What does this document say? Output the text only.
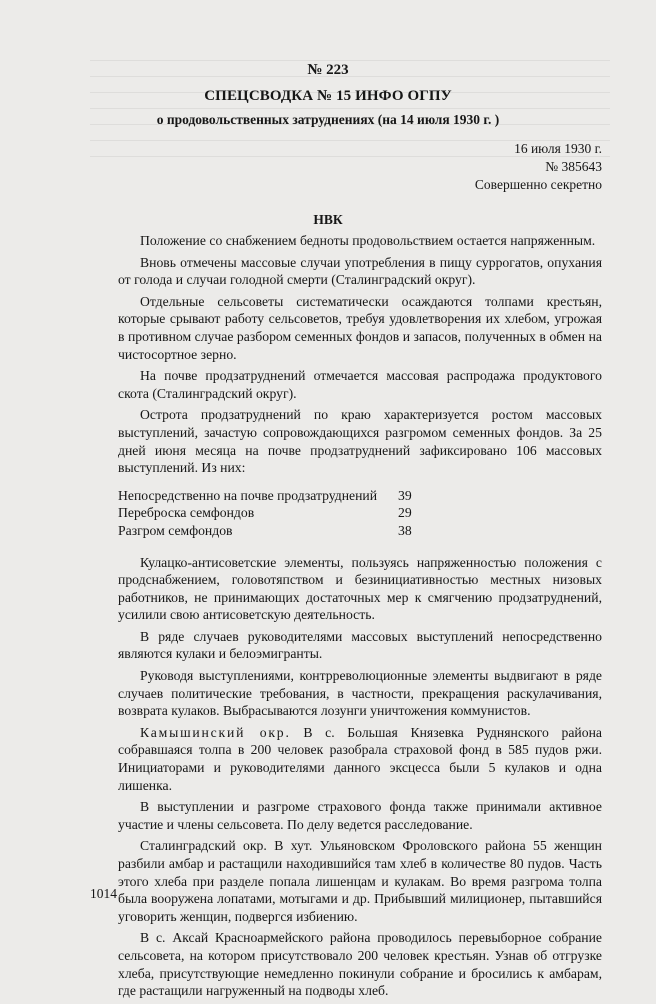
№ 223
СПЕЦСВОДКА № 15 ИНФО ОГПУ
о продовольственных затруднениях (на 14 июля 1930 г. )
16 июля 1930 г.
№ 385643
Совершенно секретно
НВК

Положение со снабжением бедноты продовольствием остается напряженным.

Вновь отмечены массовые случаи употребления в пищу суррогатов, опухания от голода и случаи голодной смерти (Сталинградский округ).

Отдельные сельсоветы систематически осаждаются толпами крестьян, которые срывают работу сельсоветов, требуя удовлетворения их хлебом, угрожая в противном случае разбором семенных фондов и запасов, полученных в обмен на чистосортное зерно.

На почве продзатруднений отмечается массовая распродажа продуктового скота (Сталинградский округ).

Острота продзатруднений по краю характеризуется ростом массовых выступлений, зачастую сопровождающихся разгромом семенных фондов. За 25 дней июня месяца на почве продзатруднений зафиксировано 106 массовых выступлений. Из них:

Непосредственно на почве продзатруднений	39
Переброска семфондов	29
Разгром семфондов	38

Кулацко-антисоветские элементы, пользуясь напряженностью положения с продснабжением, головотяпством и безинициативностью местных низовых работников, не принимающих достаточных мер к смягчению продзатруднений, усилили свою антисоветскую деятельность.

В ряде случаев руководителями массовых выступлений непосредственно являются кулаки и белоэмигранты.

Руководя выступлениями, контрреволюционные элементы выдвигают в ряде случаев политические требования, в частности, прекращения раскулачивания, возврата кулаков. Выбрасываются лозунги уничтожения коммунистов.

Камышинский окр. В с. Большая Князевка Руднянского района собравшаяся толпа в 200 человек разобрала страховой фонд в 585 пудов ржи. Инициаторами и руководителями данного эксцесса были 5 кулаков и одна лишенка.

В выступлении и разгроме страхового фонда также принимали активное участие и члены сельсовета. По делу ведется расследование.

Сталинградский окр. В хут. Ульяновском Фроловского района 55 женщин разбили амбар и растащили находившийся там хлеб в количестве 80 пудов. Часть этого хлеба при разделе попала лишенцам и кулакам. Во время разгрома толпа была вооружена лопатами, мотыгами и др. Прибывший милиционер, пытавшийся уговорить женщин, подвергся избиению.

В с. Аксай Красноармейского района проводилось перевыборное собрание сельсовета, на котором присутствовало 200 человек крестьян. Узнав об отгрузке хлеба, присутствующие немедленно покинули собрание и бросились к амбарам, где растащили нагруженный на подводы хлеб.

1014
